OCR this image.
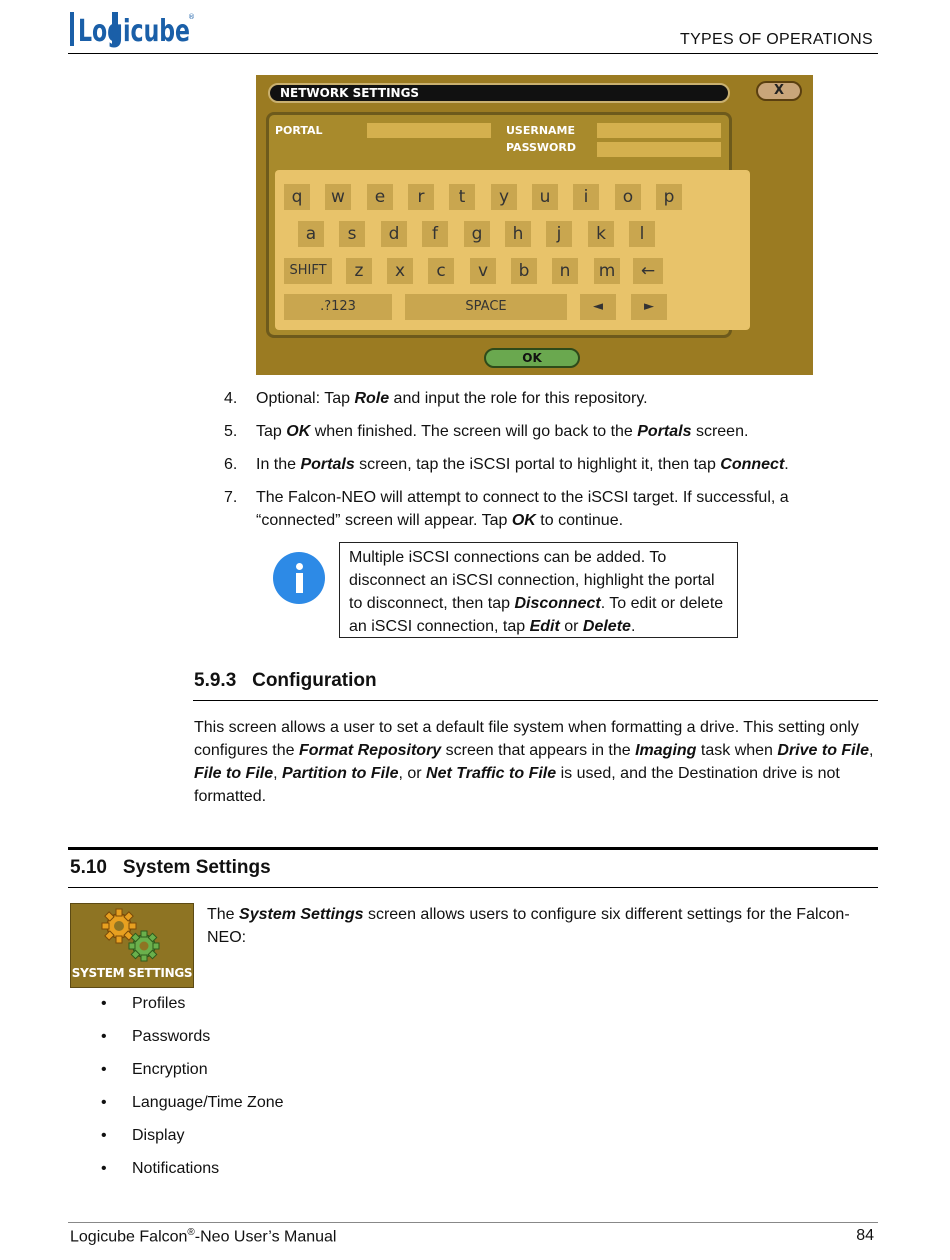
Logicube
®
TYPES OF OPERATIONS
NETWORK SETTINGS	X
PORTAL	USERNAME
PASSWORD
q	w	e	r	t	y	u	i	o	p
a	s	d	f	g	h	j	k	l
SHIFT	z	x	c	v	b	n	m	←
.?123	SPACE	◄	►
OK
4. Optional: Tap Role and input the role for this repository.
5. Tap OK when finished. The screen will go back to the Portals screen.
6. In the Portals screen, tap the iSCSI portal to highlight it, then tap Connect.
7. The Falcon-NEO will attempt to connect to the iSCSI target. If successful, a “connected” screen will appear. Tap OK to continue.
Multiple iSCSI connections can be added. To disconnect an iSCSI connection, highlight the portal to disconnect, then tap Disconnect. To edit or delete an iSCSI connection, tap Edit or Delete.
5.9.3   Configuration
This screen allows a user to set a default file system when formatting a drive. This setting only configures the Format Repository screen that appears in the Imaging task when Drive to File, File to File, Partition to File, or Net Traffic to File is used, and the Destination drive is not formatted.
5.10   System Settings
SYSTEM SETTINGS
The System Settings screen allows users to configure six different settings for the Falcon-NEO:
• Profiles
• Passwords
• Encryption
• Language/Time Zone
• Display
• Notifications
Logicube Falcon®-Neo User’s Manual	84
